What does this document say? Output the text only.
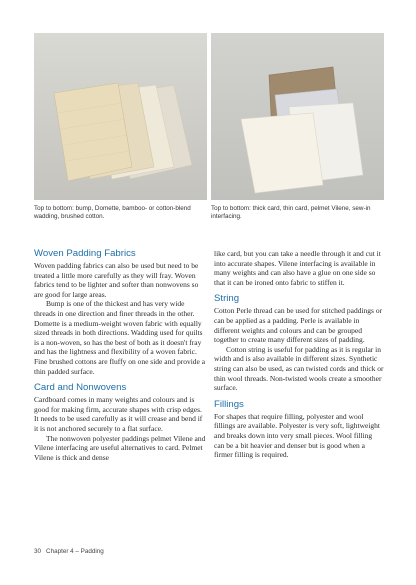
Top to bottom: bump, Domette, bamboo- or cotton-blend wadding, brushed cotton.
Top to bottom: thick card, thin card, pelmet Vilene, sew-in interfacing.
Woven Padding Fabrics

Woven padding fabrics can also be used but need to be treated a little more carefully as they will fray. Woven fabrics tend to be lighter and softer than nonwovens so are good for large areas.

Bump is one of the thickest and has very wide threads in one direction and finer threads in the other. Domette is a medium-weight woven fabric with equally sized threads in both directions. Wadding used for quilts is a non-woven, so has the best of both as it doesn't fray and has the lightness and flexibility of a woven fabric. Fine brushed cottons are fluffy on one side and provide a thin padded surface.

Card and Nonwovens

Cardboard comes in many weights and colours and is good for making firm, accurate shapes with crisp edges. It needs to be used carefully as it will crease and bend if it is not anchored securely to a flat surface.

The nonwoven polyester paddings pelmet Vilene and Vilene interfacing are useful alternatives to card. Pelmet Vilene is thick and dense

like card, but you can take a needle through it and cut it into accurate shapes. Vilene interfacing is available in many weights and can also have a glue on one side so that it can be ironed onto fabric to stiffen it.

String

Cotton Perle thread can be used for stitched paddings or can be applied as a padding. Perle is available in different weights and colours and can be grouped together to create many different sizes of padding.

Cotton string is useful for padding as it is regular in width and is also available in different sizes. Synthetic string can also be used, as can twisted cords and thick or thin wool threads. Non-twisted wools create a smoother surface.

Fillings

For shapes that require filling, polyester and wool fillings are available. Polyester is very soft, lightweight and breaks down into very small pieces. Wool filling can be a bit heavier and denser but is good when a firmer filling is required.

30 Chapter 4 – Padding
